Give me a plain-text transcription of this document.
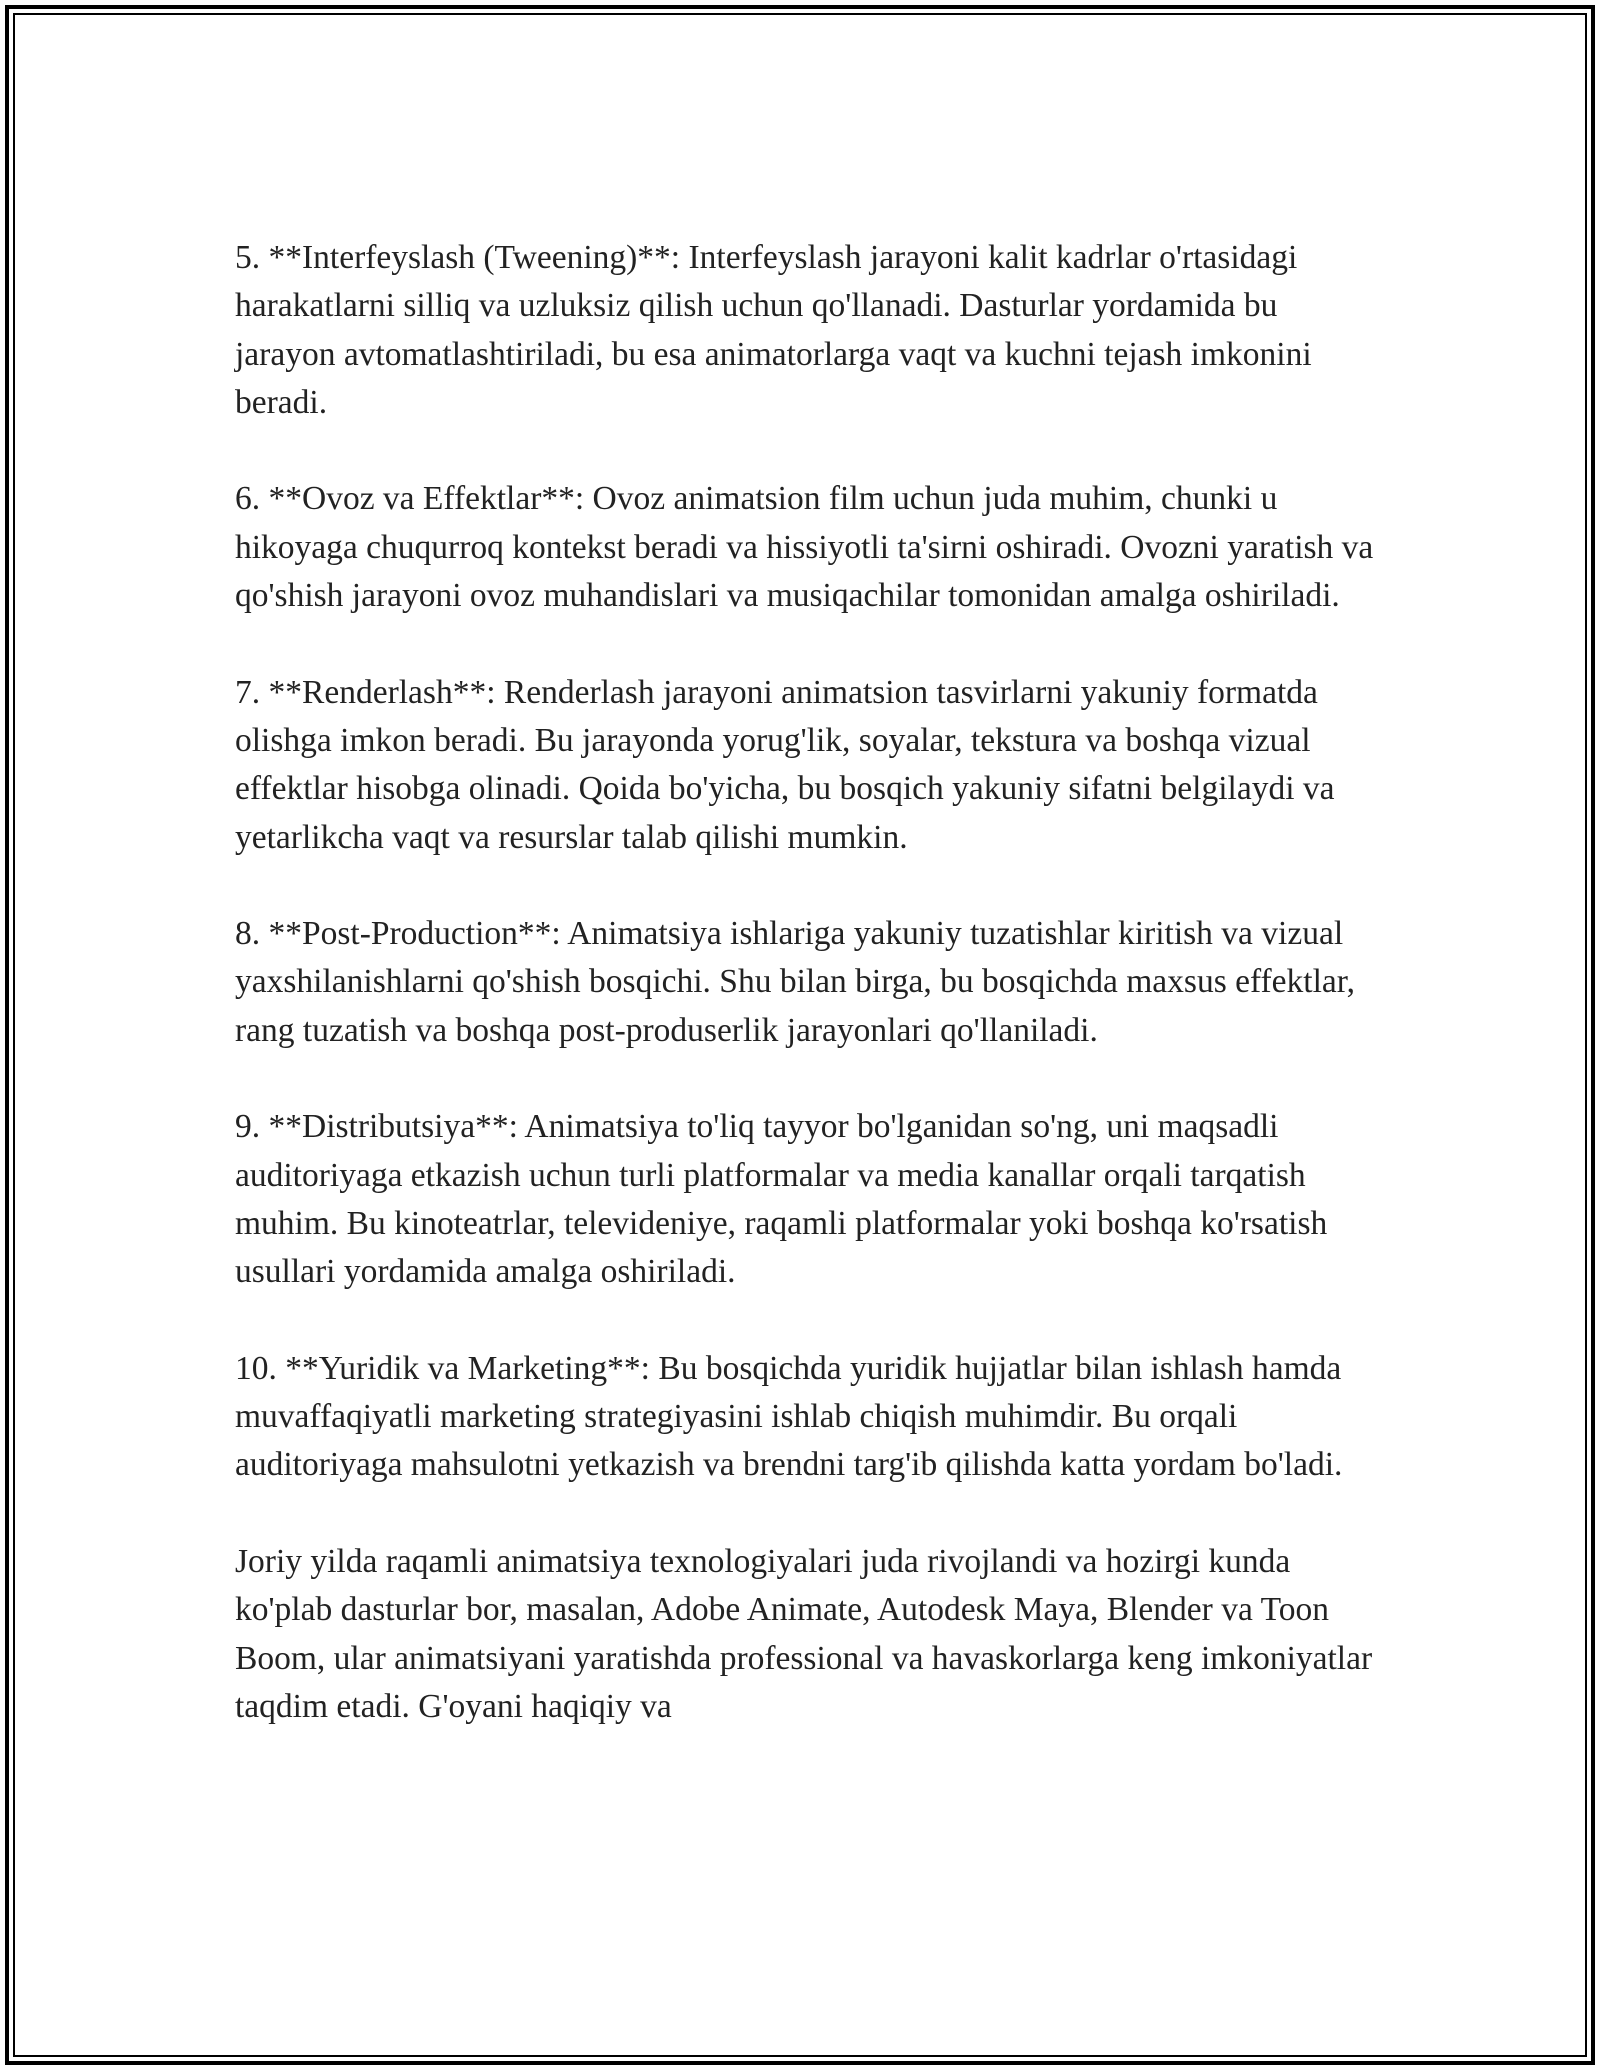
5. **Interfeyslash (Tweening)**: Interfeyslash jarayoni kalit kadrlar o'rtasidagi harakatlarni silliq va uzluksiz qilish uchun qo'llanadi. Dasturlar yordamida bu jarayon avtomatlashtiriladi, bu esa animatorlarga vaqt va kuchni tejash imkonini beradi.

6. **Ovoz va Effektlar**: Ovoz animatsion film uchun juda muhim, chunki u hikoyaga chuqurroq kontekst beradi va hissiyotli ta'sirni oshiradi. Ovozni yaratish va qo'shish jarayoni ovoz muhandislari va musiqachilar tomonidan amalga oshiriladi.

7. **Renderlash**: Renderlash jarayoni animatsion tasvirlarni yakuniy formatda olishga imkon beradi. Bu jarayonda yorug'lik, soyalar, tekstura va boshqa vizual effektlar hisobga olinadi. Qoida bo'yicha, bu bosqich yakuniy sifatni belgilaydi va yetarlikcha vaqt va resurslar talab qilishi mumkin.

8. **Post-Production**: Animatsiya ishlariga yakuniy tuzatishlar kiritish va vizual yaxshilanishlarni qo'shish bosqichi. Shu bilan birga, bu bosqichda maxsus effektlar, rang tuzatish va boshqa post-produserlik jarayonlari qo'llaniladi.

9. **Distributsiya**: Animatsiya to'liq tayyor bo'lganidan so'ng, uni maqsadli auditoriyaga etkazish uchun turli platformalar va media kanallar orqali tarqatish muhim. Bu kinoteatrlar, televideniye, raqamli platformalar yoki boshqa ko'rsatish usullari yordamida amalga oshiriladi.

10. **Yuridik va Marketing**: Bu bosqichda yuridik hujjatlar bilan ishlash hamda muvaffaqiyatli marketing strategiyasini ishlab chiqish muhimdir. Bu orqali auditoriyaga mahsulotni yetkazish va brendni targ'ib qilishda katta yordam bo'ladi.

Joriy yilda raqamli animatsiya texnologiyalari juda rivojlandi va hozirgi kunda ko'plab dasturlar bor, masalan, Adobe Animate, Autodesk Maya, Blender va Toon Boom, ular animatsiyani yaratishda professional va havaskorlarga keng imkoniyatlar taqdim etadi. G'oyani haqiqiy va
